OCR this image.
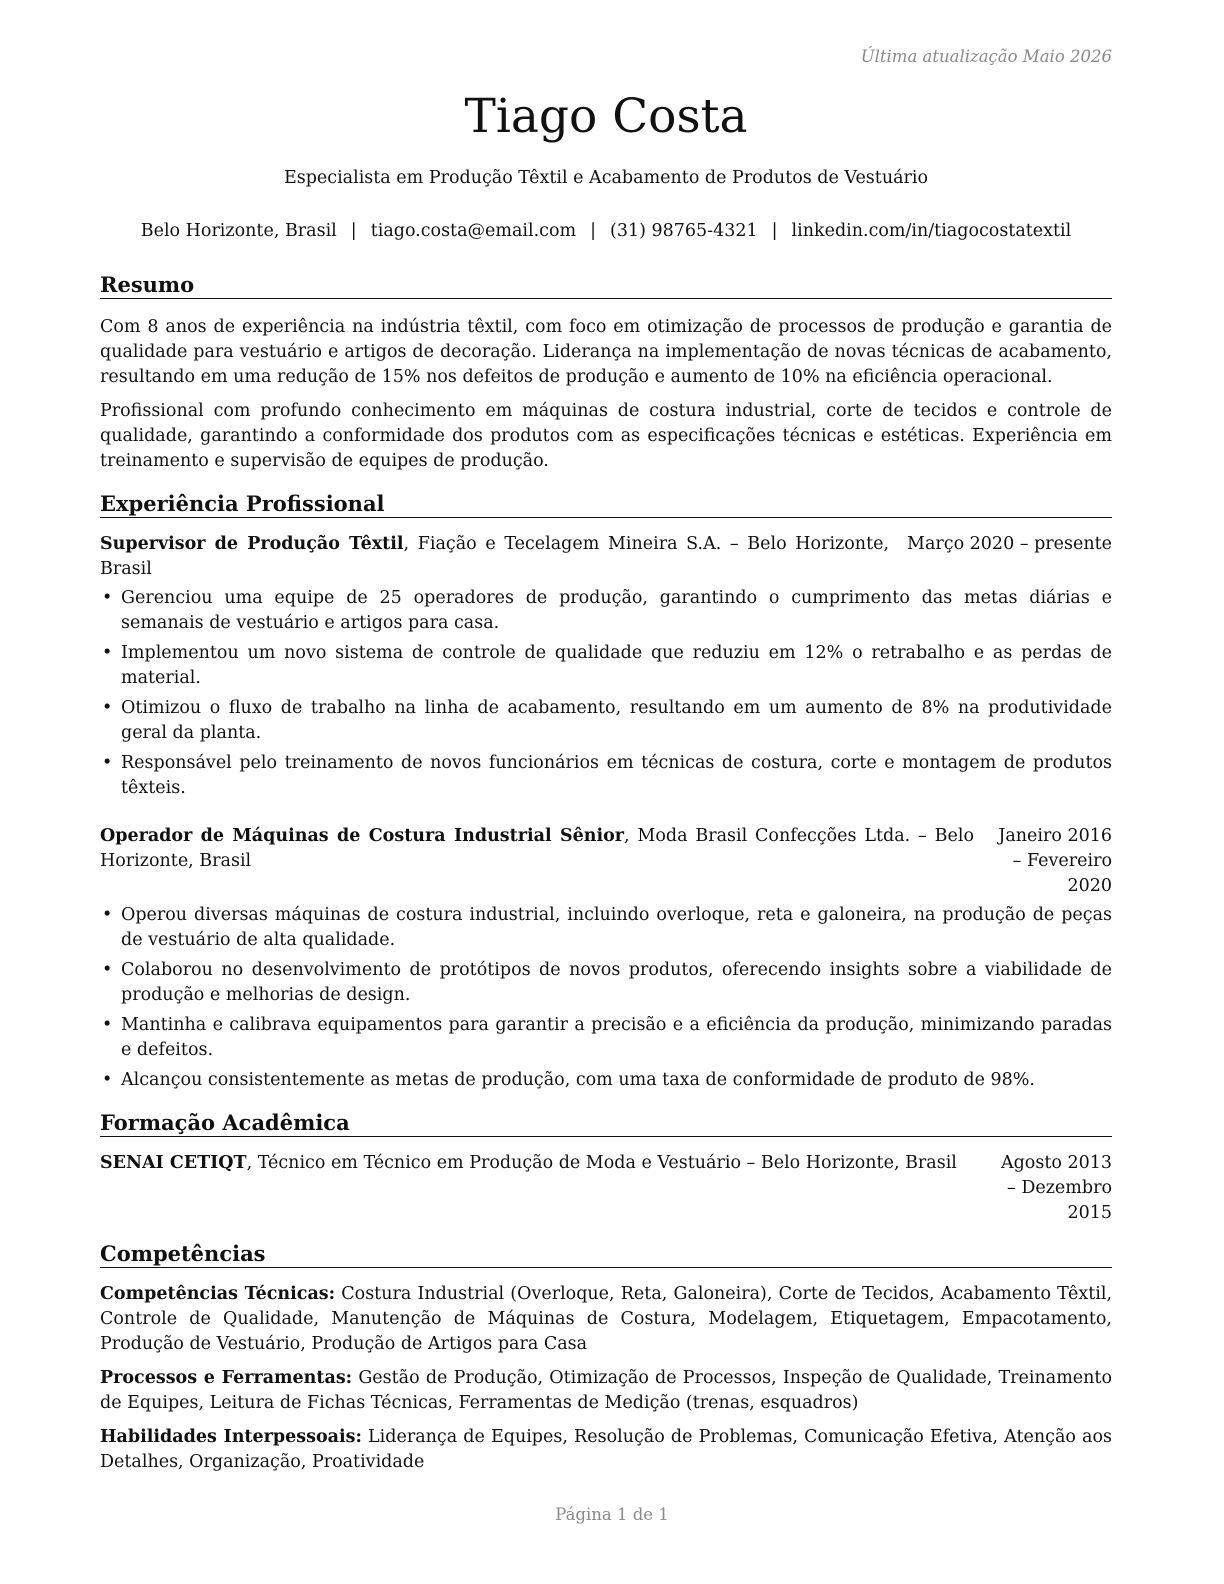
Última atualização Maio 2026
Tiago Costa
Especialista em Produção Têxtil e Acabamento de Produtos de Vestuário
Belo Horizonte, Brasil | tiago.costa@email.com | (31) 98765-4321 | linkedin.com/in/tiagocostatextil
Resumo

Com 8 anos de experiência na indústria têxtil, com foco em otimização de processos de produção e garantia de qualidade para vestuário e artigos de decoração. Liderança na implementação de novas técnicas de acabamento, resultando em uma redução de 15% nos defeitos de produção e aumento de 10% na eficiência operacional.

Profissional com profundo conhecimento em máquinas de costura industrial, corte de tecidos e controle de qualidade, garantindo a conformidade dos produtos com as especificações técnicas e estéticas. Experiência em treinamento e supervisão de equipes de produção.

Experiência Profissional
Supervisor de Produção Têxtil, Fiação e Tecelagem Mineira S.A. – Belo Horizonte, Brasil
Março 2020 – presente
• Gerenciou uma equipe de 25 operadores de produção, garantindo o cumprimento das metas diárias e semanais de vestuário e artigos para casa.
• Implementou um novo sistema de controle de qualidade que reduziu em 12% o retrabalho e as perdas de material.
• Otimizou o fluxo de trabalho na linha de acabamento, resultando em um aumento de 8% na produtividade geral da planta.
• Responsável pelo treinamento de novos funcionários em técnicas de costura, corte e montagem de produtos têxteis.
Operador de Máquinas de Costura Industrial Sênior, Moda Brasil Confecções Ltda. – Belo Horizonte, Brasil
Janeiro 2016 – Fevereiro 2020
• Operou diversas máquinas de costura industrial, incluindo overloque, reta e galoneira, na produção de peças de vestuário de alta qualidade.
• Colaborou no desenvolvimento de protótipos de novos produtos, oferecendo insights sobre a viabilidade de produção e melhorias de design.
• Mantinha e calibrava equipamentos para garantir a precisão e a eficiência da produção, minimizando paradas e defeitos.
• Alcançou consistentemente as metas de produção, com uma taxa de conformidade de produto de 98%.
Formação Acadêmica
SENAI CETIQT, Técnico em Técnico em Produção de Moda e Vestuário – Belo Horizonte, Brasil	Agosto 2013 – Dezembro 2015
Competências

Competências Técnicas: Costura Industrial (Overloque, Reta, Galoneira), Corte de Tecidos, Acabamento Têxtil, Controle de Qualidade, Manutenção de Máquinas de Costura, Modelagem, Etiquetagem, Empacotamento, Produção de Vestuário, Produção de Artigos para Casa

Processos e Ferramentas: Gestão de Produção, Otimização de Processos, Inspeção de Qualidade, Treinamento de Equipes, Leitura de Fichas Técnicas, Ferramentas de Medição (trenas, esquadros)

Habilidades Interpessoais: Liderança de Equipes, Resolução de Problemas, Comunicação Efetiva, Atenção aos Detalhes, Organização, Proatividade

Página 1 de 1
